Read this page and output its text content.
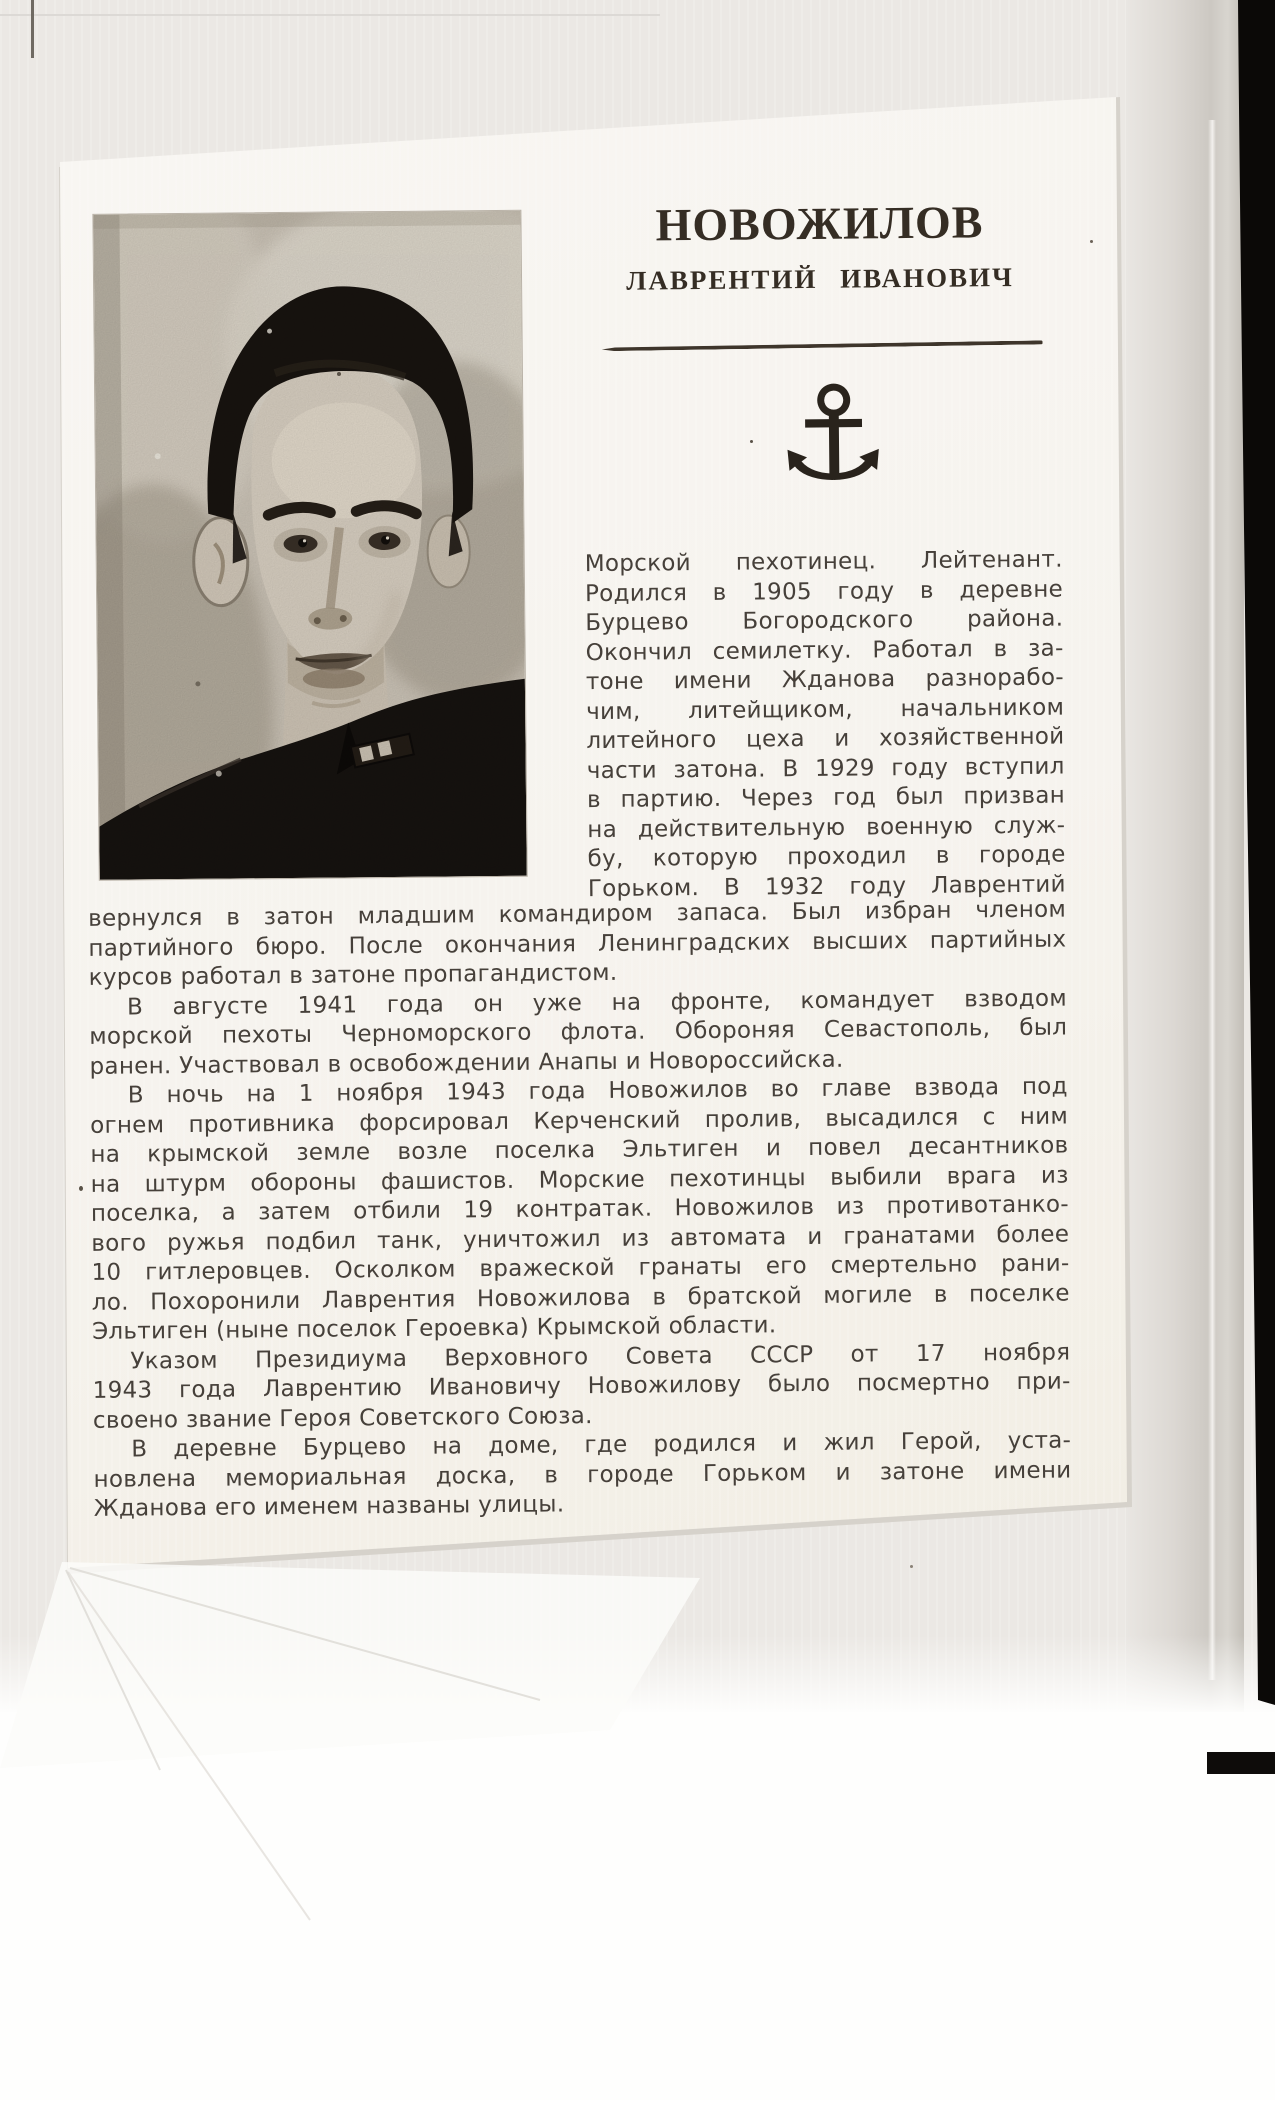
НОВОЖИЛОВ
ЛАВРЕНТИЙ ИВАНОВИЧ
⚓
Морской пехотинец. Лейтенант.
Родился в 1905 году в деревне
Бурцево Богородского района.
Окончил семилетку. Работал в за-
тоне имени Жданова разнорабо-
чим, литейщиком, начальником
литейного цеха и хозяйственной
части затона. В 1929 году вступил
в партию. Через год был призван
на действительную военную служ-
бу, которую проходил в городе
Горьком. В 1932 году Лаврентий
вернулся в затон младшим командиром запаса. Был избран членом
партийного бюро. После окончания Ленинградских высших партийных
курсов работал в затоне пропагандистом.
В августе 1941 года он уже на фронте, командует взводом
морской пехоты Черноморского флота. Обороняя Севастополь, был
ранен. Участвовал в освобождении Анапы и Новороссийска.
В ночь на 1 ноября 1943 года Новожилов во главе взвода под
огнем противника форсировал Керченский пролив, высадился с ним
на крымской земле возле поселка Эльтиген и повел десантников
на штурм обороны фашистов. Морские пехотинцы выбили врага из
поселка, а затем отбили 19 контратак. Новожилов из противотанко-
вого ружья подбил танк, уничтожил из автомата и гранатами более
10 гитлеровцев. Осколком вражеской гранаты его смертельно рани-
ло. Похоронили Лаврентия Новожилова в братской могиле в поселке
Эльтиген (ныне поселок Героевка) Крымской области.
Указом Президиума Верховного Совета СССР от 17 ноября
1943 года Лаврентию Ивановичу Новожилову было посмертно при-
своено звание Героя Советского Союза.
В деревне Бурцево на доме, где родился и жил Герой, уста-
новлена мемориальная доска, в городе Горьком и затоне имени
Жданова его именем названы улицы.
